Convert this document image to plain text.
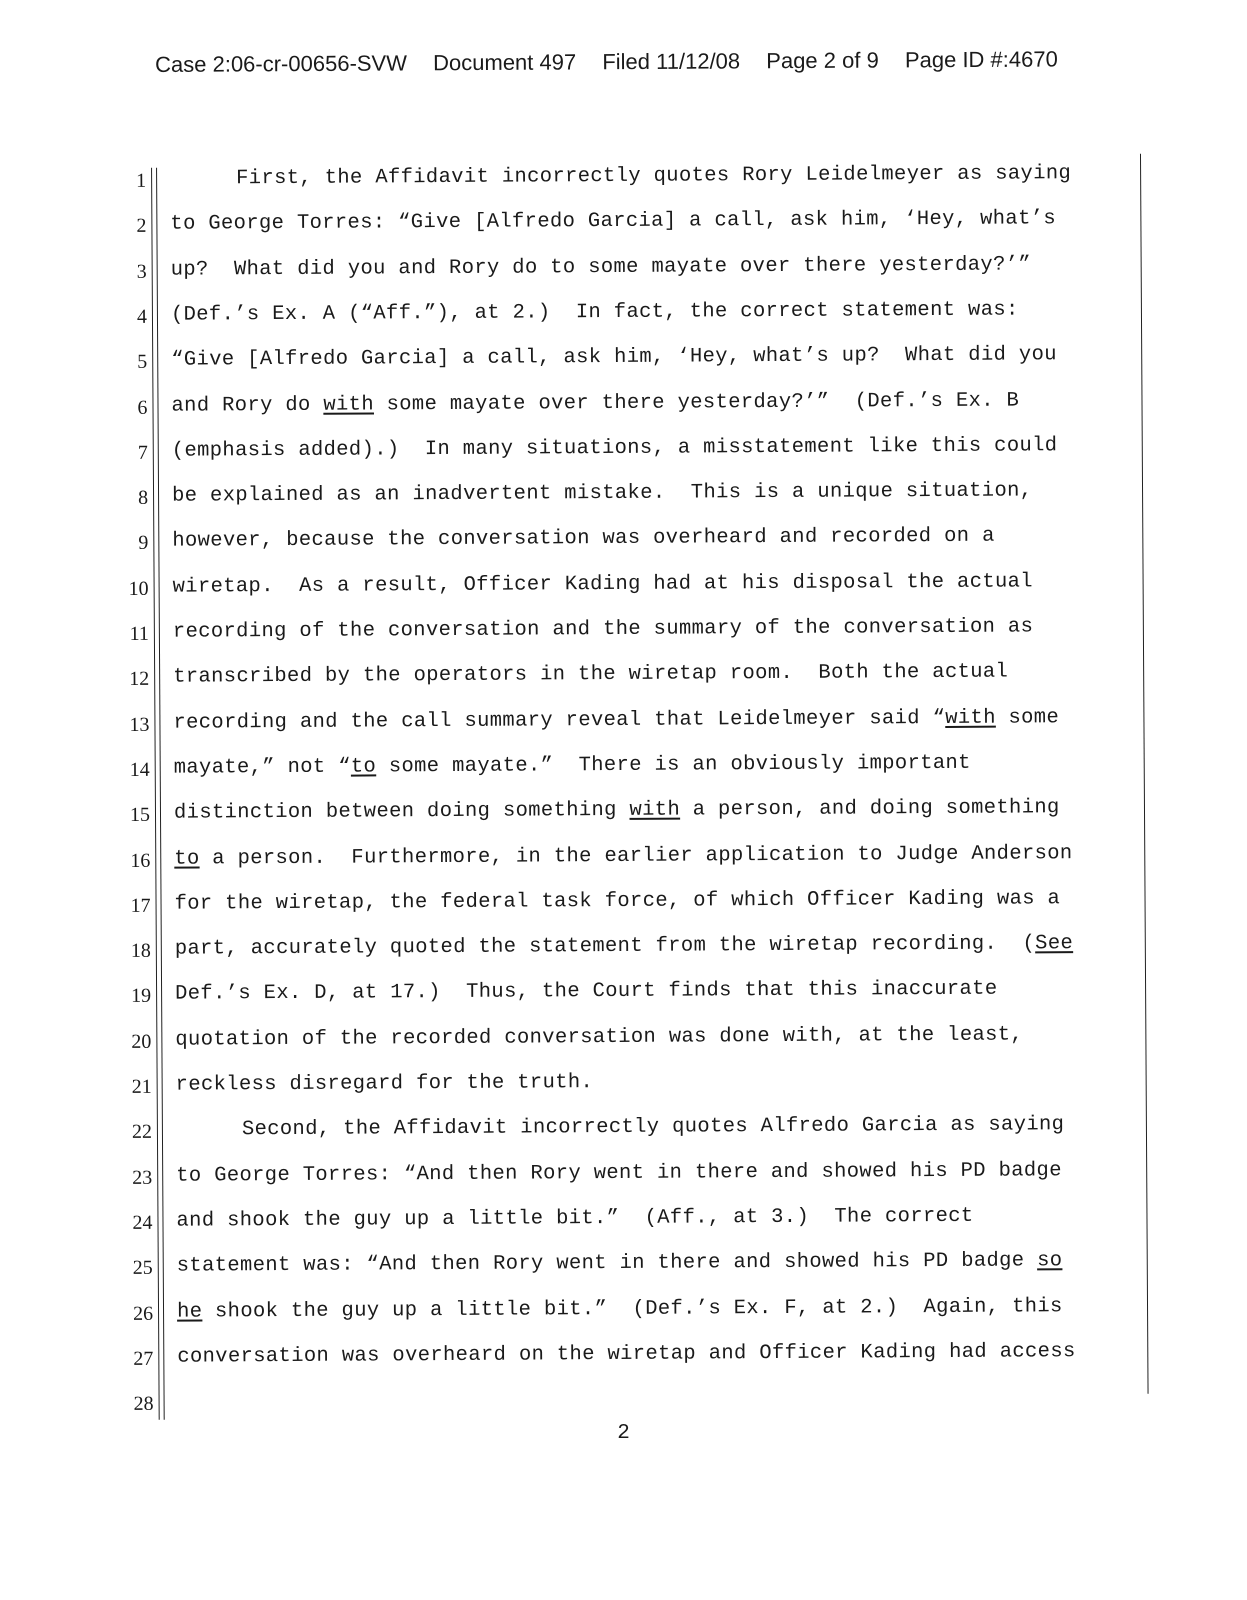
Case 2:06-cr-00656-SVW Document 497 Filed 11/12/08 Page 2 of 9 Page ID #:4670
1	First, the Affidavit incorrectly quotes Rory Leidelmeyer as saying
2 to George Torres: “Give [Alfredo Garcia] a call, ask him, ‘Hey, what’s
3 up?  What did you and Rory do to some mayate over there yesterday?’”
4 (Def.’s Ex. A (“Aff.”), at 2.)  In fact, the correct statement was:
5 “Give [Alfredo Garcia] a call, ask him, ‘Hey, what’s up?  What did you
6 and Rory do with some mayate over there yesterday?’”  (Def.’s Ex. B
7 (emphasis added).)  In many situations, a misstatement like this could
8 be explained as an inadvertent mistake.  This is a unique situation,
9 however, because the conversation was overheard and recorded on a
10 wiretap.  As a result, Officer Kading had at his disposal the actual
11 recording of the conversation and the summary of the conversation as
12 transcribed by the operators in the wiretap room.  Both the actual
13 recording and the call summary reveal that Leidelmeyer said “with some
14 mayate,” not “to some mayate.”  There is an obviously important
15 distinction between doing something with a person, and doing something
16 to a person.  Furthermore, in the earlier application to Judge Anderson
17 for the wiretap, the federal task force, of which Officer Kading was a
18 part, accurately quoted the statement from the wiretap recording.  (See
19 Def.’s Ex. D, at 17.)  Thus, the Court finds that this inaccurate
20 quotation of the recorded conversation was done with, at the least,
21 reckless disregard for the truth.
22	Second, the Affidavit incorrectly quotes Alfredo Garcia as saying
23 to George Torres: “And then Rory went in there and showed his PD badge
24 and shook the guy up a little bit.”  (Aff., at 3.)  The correct
25 statement was: “And then Rory went in there and showed his PD badge so
26 he shook the guy up a little bit.”  (Def.’s Ex. F, at 2.)  Again, this
27 conversation was overheard on the wiretap and Officer Kading had access
28
2
